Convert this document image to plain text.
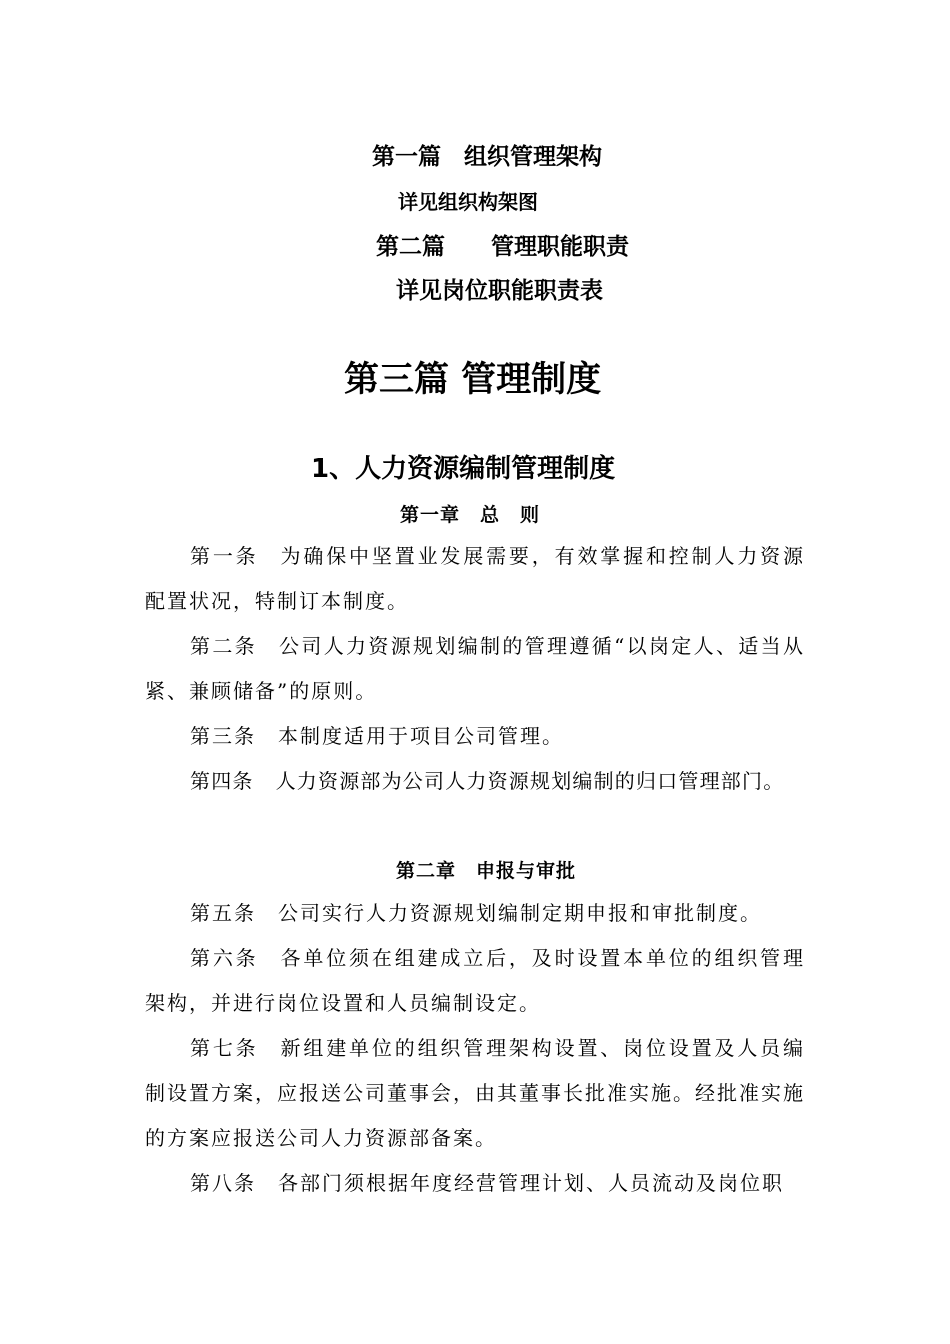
第一篇　组织管理架构
详见组织构架图
第二篇　　管理职能职责
详见岗位职能职责表
第三篇 管理制度
1、人力资源编制管理制度
第一章　总　则
第一条 为确保中坚置业发展需要，有效掌握和控制人力资源配置状况，特制订本制度。
第二条 公司人力资源规划编制的管理遵循“以岗定人、适当从紧、兼顾储备”的原则。
第三条 本制度适用于项目公司管理。
第四条 人力资源部为公司人力资源规划编制的归口管理部门。
第二章　申报与审批
第五条 公司实行人力资源规划编制定期申报和审批制度。
第六条 各单位须在组建成立后，及时设置本单位的组织管理架构，并进行岗位设置和人员编制设定。
第七条 新组建单位的组织管理架构设置、岗位设置及人员编制设置方案，应报送公司董事会，由其董事长批准实施。经批准实施的方案应报送公司人力资源部备案。
第八条 各部门须根据年度经营管理计划、人员流动及岗位职
